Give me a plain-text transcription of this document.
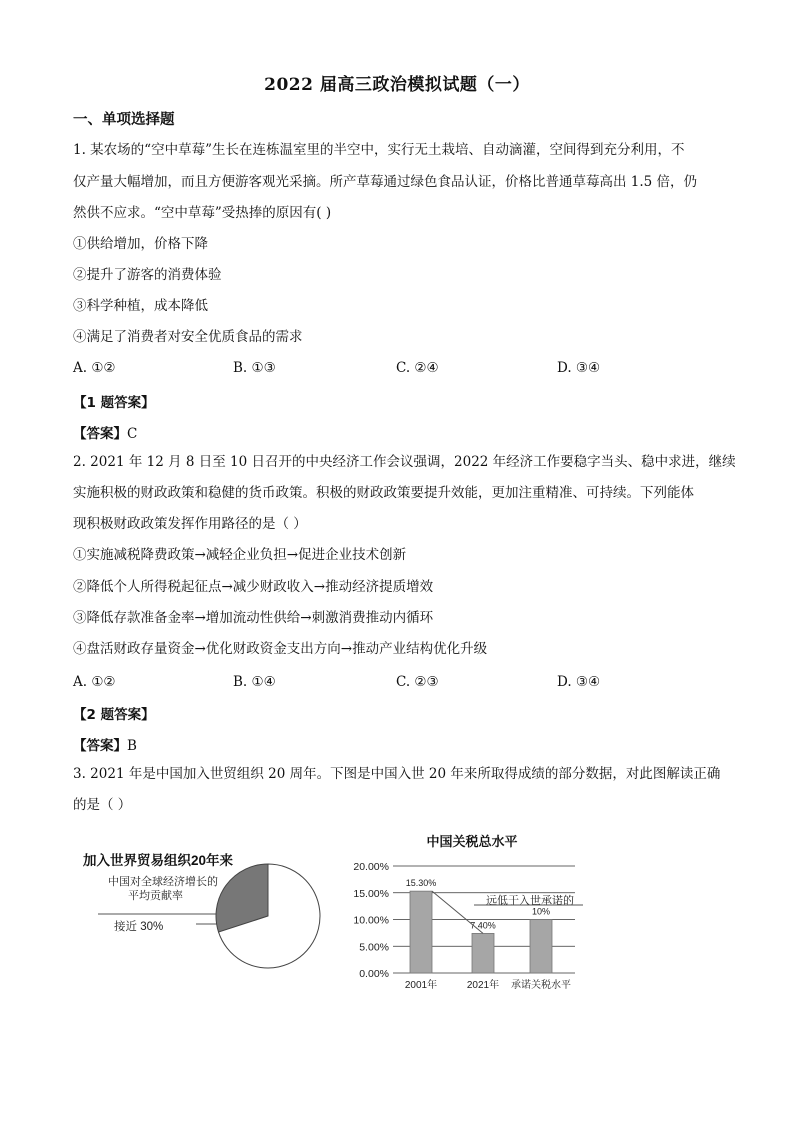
2022 届高三政治模拟试题（一）
一、单项选择题
1. 某农场的“空中草莓”生长在连栋温室里的半空中，实行无土栽培、自动滴灌，空间得到充分利用，不
仅产量大幅增加，而且方便游客观光采摘。所产草莓通过绿色食品认证，价格比普通草莓高出 1.5 倍，仍
然供不应求。“空中草莓”受热捧的原因有( )
①供给增加，价格下降
②提升了游客的消费体验
③科学种植，成本降低
④满足了消费者对安全优质食品的需求
A. ①②	B. ①③	C. ②④	D. ③④
【1 题答案】
【答案】C
2. 2021 年 12 月 8 日至 10 日召开的中央经济工作会议强调，2022 年经济工作要稳字当头、稳中求进，继续
实施积极的财政政策和稳健的货币政策。积极的财政政策要提升效能，更加注重精准、可持续。下列能体
现积极财政政策发挥作用路径的是（ ）
①实施减税降费政策→减轻企业负担→促进企业技术创新
②降低个人所得税起征点→减少财政收入→推动经济提质增效
③降低存款准备金率→增加流动性供给→刺激消费推动内循环
④盘活财政存量资金→优化财政资金支出方向→推动产业结构优化升级
A. ①②	B. ①④	C. ②③	D. ③④
【2 题答案】
【答案】B
3. 2021 年是中国加入世贸组织 20 周年。下图是中国入世 20 年来所取得成绩的部分数据，对此图解读正确
的是（ ）
加入世界贸易组织20年来
中国对全球经济增长的
平均贡献率
接近 30%
中国关税总水平
远低于入世承诺的
0.00%
5.00%
10.00%
15.00%
20.00%
15.30%
2001年
7.40%
2021年
10%
承诺关税水平
